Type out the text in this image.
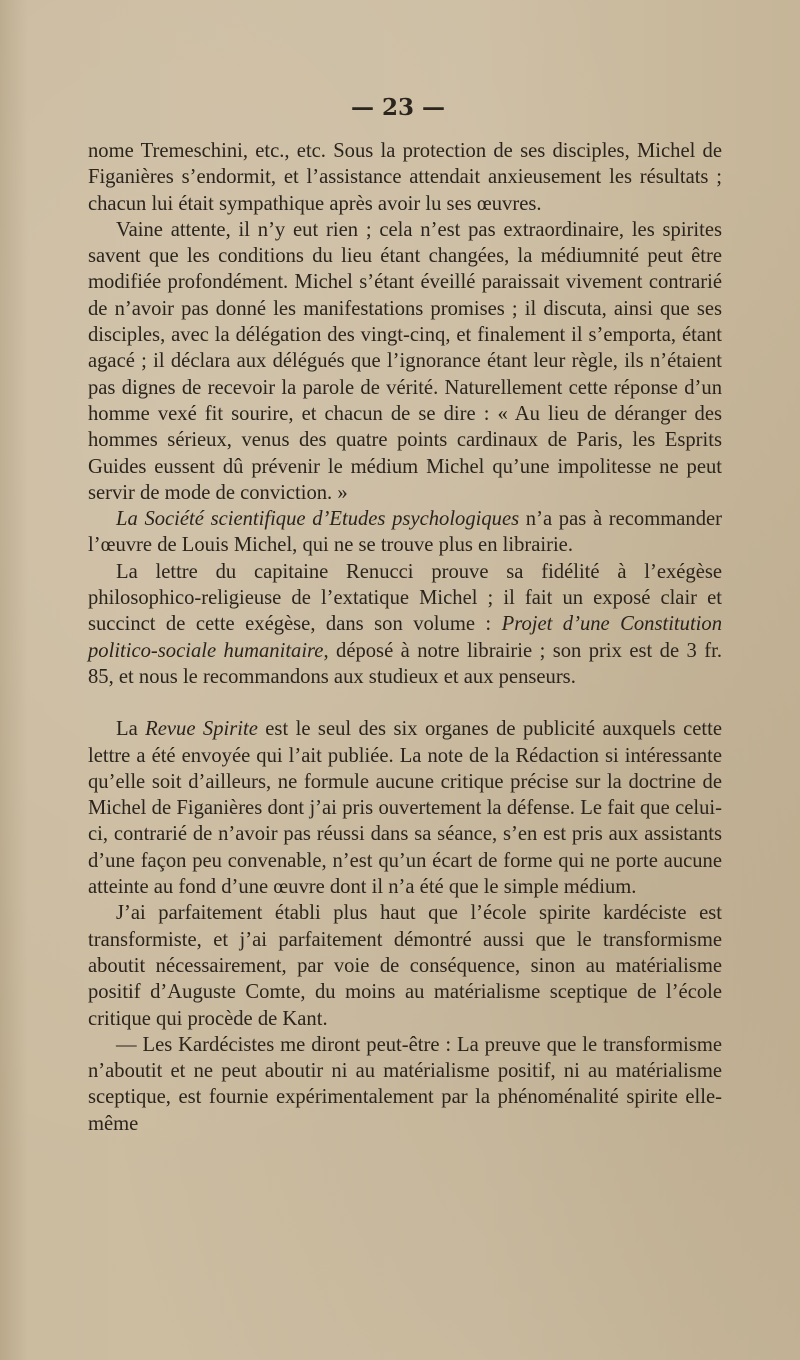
— 23 —

nome Tremeschini, etc., etc. Sous la protection de ses disciples, Michel de Figanières s’endormit, et l’assistance attendait anxieusement les résultats ; chacun lui était sympathique après avoir lu ses œuvres.

Vaine attente, il n’y eut rien ; cela n’est pas extraordinaire, les spirites savent que les conditions du lieu étant changées, la médiumnité peut être modifiée profondément. Michel s’étant éveillé paraissait vivement contrarié de n’avoir pas donné les manifestations promises ; il discuta, ainsi que ses disciples, avec la délégation des vingt-cinq, et finalement il s’emporta, étant agacé ; il déclara aux délégués que l’ignorance étant leur règle, ils n’étaient pas dignes de recevoir la parole de vérité. Naturellement cette réponse d’un homme vexé fit sourire, et chacun de se dire : « Au lieu de déranger des hommes sérieux, venus des quatre points cardinaux de Paris, les Esprits Guides eussent dû prévenir le médium Michel qu’une impolitesse ne peut servir de mode de conviction. »

La Société scientifique d’Etudes psychologiques n’a pas à recommander l’œuvre de Louis Michel, qui ne se trouve plus en librairie.

La lettre du capitaine Renucci prouve sa fidélité à l’exégèse philosophico-religieuse de l’extatique Michel ; il fait un exposé clair et succinct de cette exégèse, dans son volume : Projet d’une Constitution politico-sociale humanitaire, déposé à notre librairie ; son prix est de 3 fr. 85, et nous le recommandons aux studieux et aux penseurs.

La Revue Spirite est le seul des six organes de publicité auxquels cette lettre a été envoyée qui l’ait publiée. La note de la Rédaction si intéressante qu’elle soit d’ailleurs, ne formule aucune critique précise sur la doctrine de Michel de Figanières dont j’ai pris ouvertement la défense. Le fait que celui-ci, contrarié de n’avoir pas réussi dans sa séance, s’en est pris aux assistants d’une façon peu convenable, n’est qu’un écart de forme qui ne porte aucune atteinte au fond d’une œuvre dont il n’a été que le simple médium.

J’ai parfaitement établi plus haut que l’école spirite kardéciste est transformiste, et j’ai parfaitement démontré aussi que le transformisme aboutit nécessairement, par voie de conséquence, sinon au matérialisme positif d’Auguste Comte, du moins au matérialisme sceptique de l’école critique qui procède de Kant.

— Les Kardécistes me diront peut-être : La preuve que le transformisme n’aboutit et ne peut aboutir ni au matérialisme positif, ni au matérialisme sceptique, est fournie expérimentalement par la phénoménalité spirite elle-même
